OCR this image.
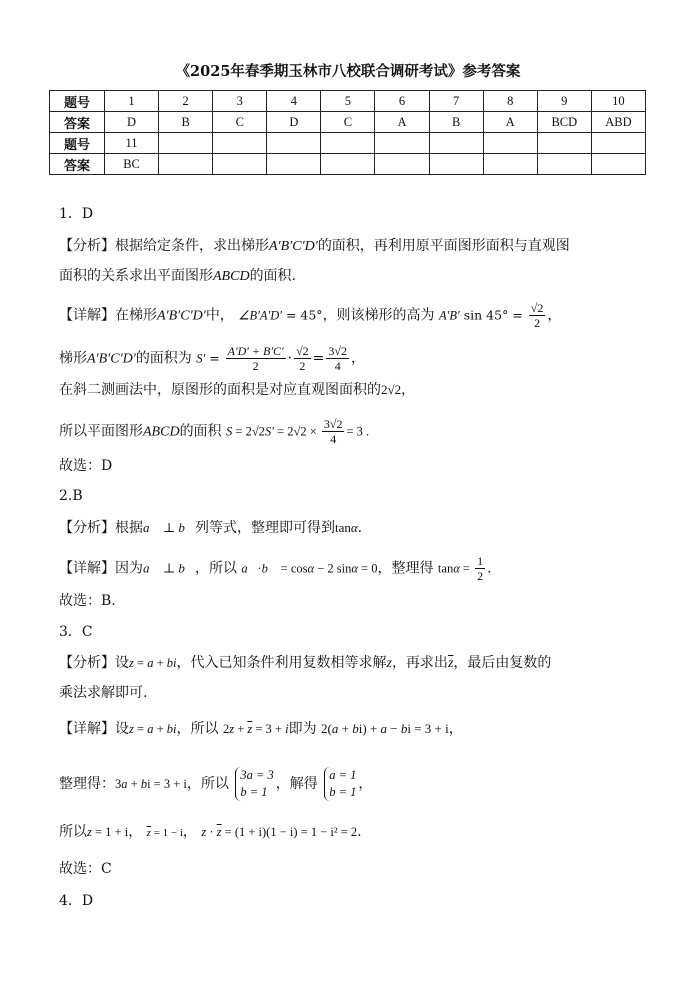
《2025年春季期玉林市八校联合调研考试》参考答案
题号	1	2	3	4	5	6	7	8	9	10
答案	D	B	C	D	C	A	B	A	BCD	ABD
题号	11									
答案	BC									
1．D
【分析】根据给定条件，求出梯形A′B′C′D′的面积，再利用原平面图形面积与直观图
面积的关系求出平面图形ABCD的面积.
【详解】在梯形A′B′C′D′中， ∠B′A′D′ = 45°，则该梯形的高为 A′B′ $\sin 45^\circ = \frac{√2}{2}$ ，
梯形A′B′C′D′的面积为 $S' = \frac{A'D' + B'C'}{2} \cdot \frac{√2}{2} = \frac{3√2}{4}$ ，
在斜二测画法中，原图形的面积是对应直观图面积的2√2，
所以平面图形ABCD的面积 $S = 2√2S' = 2√2 \times \frac{3√2}{4} = 3$ .
故选：D
2.B
【分析】根据a⃗ ⊥ b⃗列等式，整理即可得到tanα.
【详解】因为a⃗ ⊥ b⃗，所以 a⃗·b⃗ = cosα − 2 sinα = 0，整理得 $\tan\alpha = \frac{1}{2}$ .
故选：B.
3．C
【分析】设z = a + bi，代入已知条件利用复数相等求解z，再求出$\overline{z}$，最后由复数的
乘法求解即可.
【详解】设z = a + bi，所以 $2z + \overline{z} = 3 + i$即为 2(a + bi) + a − bi = 3 + i，
整理得：3a + bi = 3 + i，所以
3a = 3
b = 1 ，解得
a = 1
b = 1 ，
所以z = 1 + i， $\overline{z} = 1 - i$， $z \cdot \overline{z} = (1 + i)(1 - i) = 1 - i^2 = 2$.
故选：C
4．D
